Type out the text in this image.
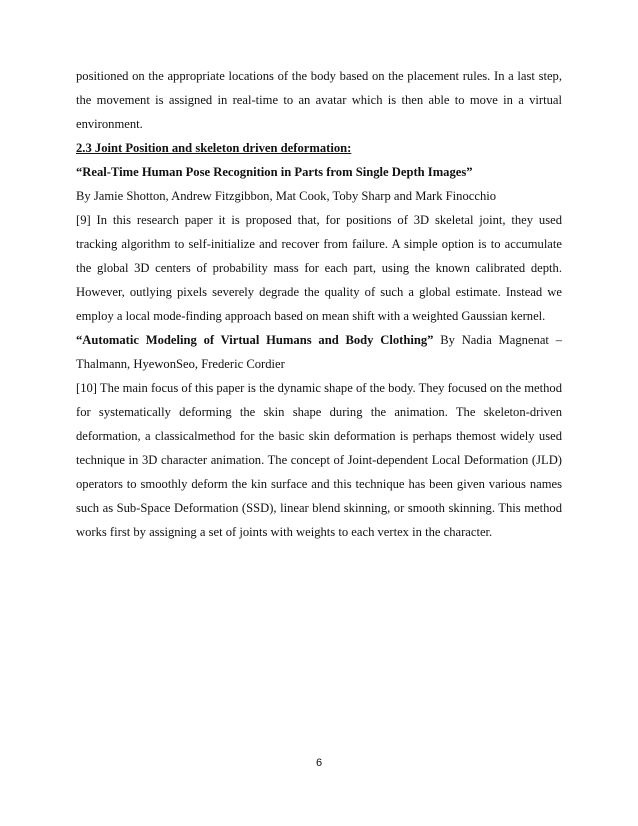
positioned on the appropriate locations of the body based on the placement rules. In a last step, the movement is assigned in real-time to an avatar which is then able to move in a virtual environment.

2.3 Joint Position and skeleton driven deformation:

“Real-Time Human Pose Recognition in Parts from Single Depth Images”

By Jamie Shotton, Andrew Fitzgibbon, Mat Cook, Toby Sharp and Mark Finocchio

[9] In this research paper it is proposed that, for positions of 3D skeletal joint, they used tracking algorithm to self-initialize and recover from failure. A simple option is to accumulate the global 3D centers of probability mass for each part, using the known calibrated depth. However, outlying pixels severely degrade the quality of such a global estimate. Instead we employ a local mode-finding approach based on mean shift with a weighted Gaussian kernel.

“Automatic Modeling of Virtual Humans and Body Clothing” By Nadia Magnenat – Thalmann, HyewonSeo, Frederic Cordier

[10] The main focus of this paper is the dynamic shape of the body. They focused on the method for systematically deforming the skin shape during the animation. The skeleton-driven deformation, a classicalmethod for the basic skin deformation is perhaps themost widely used technique in 3D character animation. The concept of Joint-dependent Local Deformation (JLD) operators to smoothly deform the kin surface and this technique has been given various names such as Sub-Space Deformation (SSD), linear blend skinning, or smooth skinning. This method works first by assigning a set of joints with weights to each vertex in the character.

6
